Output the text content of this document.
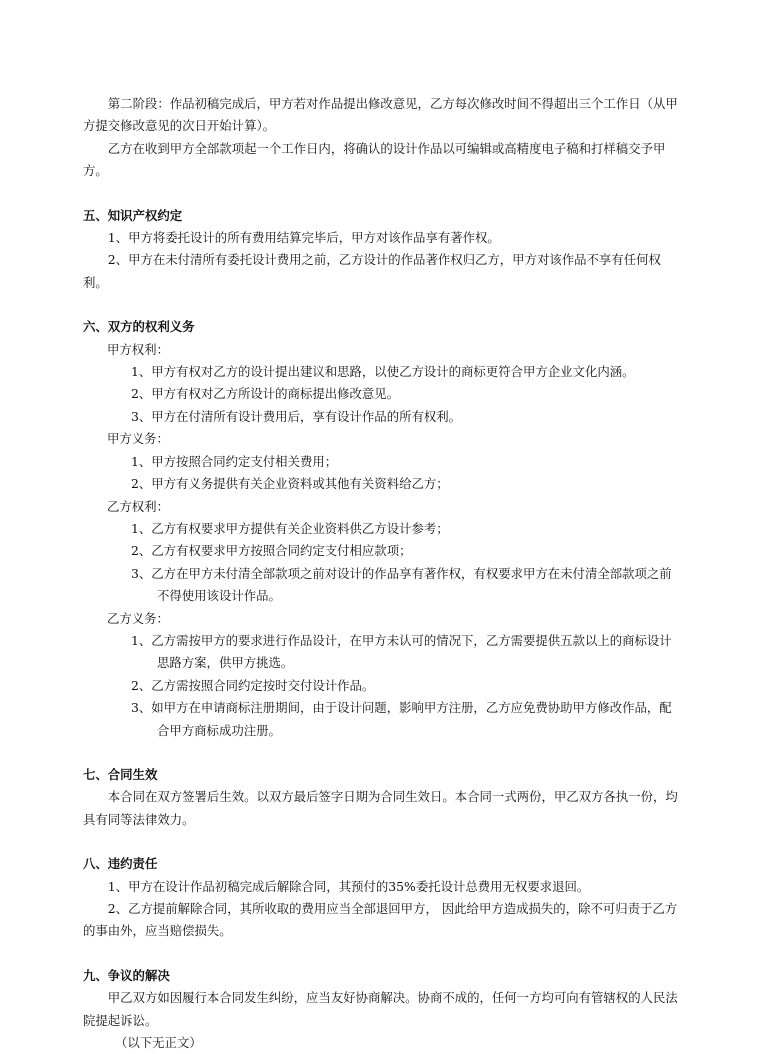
第二阶段：作品初稿完成后，甲方若对作品提出修改意见，乙方每次修改时间不得超出三个工作日（从甲方提交修改意见的次日开始计算）。

乙方在收到甲方全部款项起一个工作日内，将确认的设计作品以可编辑或高精度电子稿和打样稿交予甲方。

五、知识产权约定

1、甲方将委托设计的所有费用结算完毕后，甲方对该作品享有著作权。

2、甲方在未付清所有委托设计费用之前，乙方设计的作品著作权归乙方，甲方对该作品不享有任何权利。

六、双方的权利义务

甲方权利：

1、甲方有权对乙方的设计提出建议和思路，以使乙方设计的商标更符合甲方企业文化内涵。

2、甲方有权对乙方所设计的商标提出修改意见。

3、甲方在付清所有设计费用后，享有设计作品的所有权利。

甲方义务：

1、甲方按照合同约定支付相关费用；

2、甲方有义务提供有关企业资料或其他有关资料给乙方；

乙方权利：

1、乙方有权要求甲方提供有关企业资料供乙方设计参考；

2、乙方有权要求甲方按照合同约定支付相应款项；

3、乙方在甲方未付清全部款项之前对设计的作品享有著作权，有权要求甲方在未付清全部款项之前不得使用该设计作品。

乙方义务：

1、乙方需按甲方的要求进行作品设计，在甲方未认可的情况下，乙方需要提供五款以上的商标设计思路方案，供甲方挑选。

2、乙方需按照合同约定按时交付设计作品。

3、如甲方在申请商标注册期间，由于设计问题，影响甲方注册，乙方应免费协助甲方修改作品，配合甲方商标成功注册。

七、合同生效

本合同在双方签署后生效。以双方最后签字日期为合同生效日。本合同一式两份，甲乙双方各执一份，均具有同等法律效力。

八、违约责任

1、甲方在设计作品初稿完成后解除合同，其预付的35%委托设计总费用无权要求退回。

2、乙方提前解除合同，其所收取的费用应当全部退回甲方， 因此给甲方造成损失的，除不可归责于乙方的事由外，应当赔偿损失。

九、争议的解决

甲乙双方如因履行本合同发生纠纷，应当友好协商解决。协商不成的，任何一方均可向有管辖权的人民法院提起诉讼。

（以下无正文）
